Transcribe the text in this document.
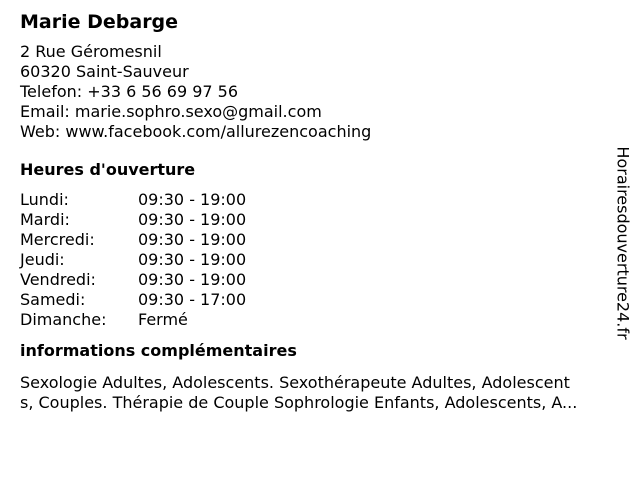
Marie Debarge
2 Rue Géromesnil
60320 Saint-Sauveur
Telefon: +33 6 56 69 97 56
Email: marie.sophro.sexo@gmail.com
Web: www.facebook.com/allurezencoaching
Heures d'ouverture
Lundi:	09:30 - 19:00
Mardi:	09:30 - 19:00
Mercredi:	09:30 - 19:00
Jeudi:	09:30 - 19:00
Vendredi:	09:30 - 19:00
Samedi:	09:30 - 17:00
Dimanche:	Fermé
informations complémentaires
Sexologie Adultes, Adolescents. Sexothérapeute Adultes, Adolescent
s, Couples. Thérapie de Couple Sophrologie Enfants, Adolescents, A...
Horairesdouverture24.fr
